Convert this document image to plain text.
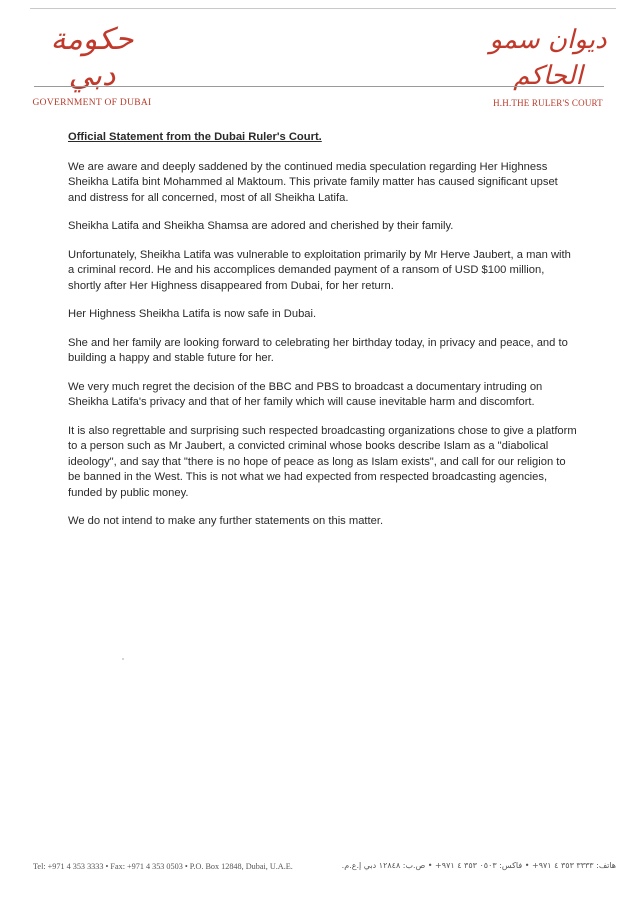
حكومة دبي
GOVERNMENT OF DUBAI
ديوان سمو الحاكم
H.H.THE RULER'S COURT
Official Statement from the Dubai Ruler's Court.

We are aware and deeply saddened by the continued media speculation regarding Her Highness Sheikha Latifa bint Mohammed al Maktoum. This private family matter has caused significant upset and distress for all concerned, most of all Sheikha Latifa.

Sheikha Latifa and Sheikha Shamsa are adored and cherished by their family.

Unfortunately, Sheikha Latifa was vulnerable to exploitation primarily by Mr Herve Jaubert, a man with a criminal record. He and his accomplices demanded payment of a ransom of USD $100 million, shortly after Her Highness disappeared from Dubai, for her return.

Her Highness Sheikha Latifa is now safe in Dubai.

She and her family are looking forward to celebrating her birthday today, in privacy and peace, and to building a happy and stable future for her.

We very much regret the decision of the BBC and PBS to broadcast a documentary intruding on Sheikha Latifa's privacy and that of her family which will cause inevitable harm and discomfort.

It is also regrettable and surprising such respected broadcasting organizations chose to give a platform to a person such as Mr Jaubert, a convicted criminal whose books describe Islam as a "diabolical ideology", and say that "there is no hope of peace as long as Islam exists", and call for our religion to be banned in the West. This is not what we had expected from respected broadcasting agencies, funded by public money.

We do not intend to make any further statements on this matter.

Tel: +971 4 353 3333 • Fax: +971 4 353 0503 • P.O. Box 12848, Dubai, U.A.E.	هاتف: ٣٣٣٣ ٣٥٣ ٤ ٩٧١+ • فاكس: ٠٥٠٣ ٣٥٣ ٤ ٩٧١+ • ص.ب: ١٢٨٤٨ دبي إ.ع.م.
